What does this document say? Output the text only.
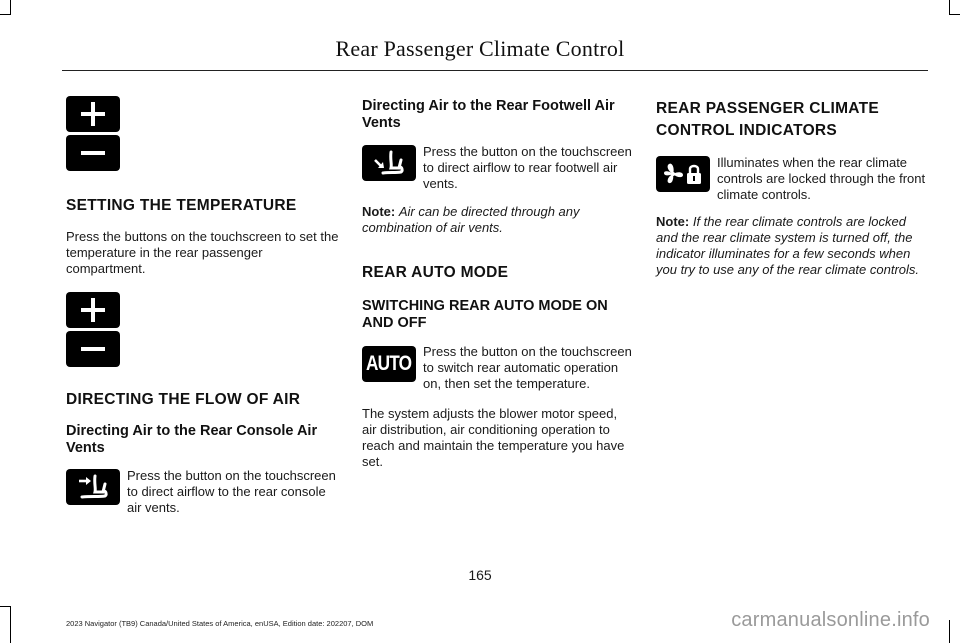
Rear Passenger Climate Control
SETTING THE TEMPERATURE

Press the buttons on the touchscreen to set the temperature in the rear passenger compartment.

DIRECTING THE FLOW OF AIR
Directing Air to the Rear Console Air Vents

Press the button on the touchscreen to direct airflow to the rear console air vents.

Directing Air to the Rear Footwell Air Vents

Press the button on the touchscreen to direct airflow to rear footwell air vents.

Note: Air can be directed through any combination of air vents.

REAR AUTO MODE
SWITCHING REAR AUTO MODE ON AND OFF
AUTO

Press the button on the touchscreen to switch rear automatic operation on, then set the temperature.

The system adjusts the blower motor speed, air distribution, air conditioning operation to reach and maintain the temperature you have set.

REAR PASSENGER CLIMATE
CONTROL INDICATORS

Illuminates when the rear climate controls are locked through the front climate controls.

Note: If the rear climate controls are locked and the rear climate system is turned off, the indicator illuminates for a few seconds when you try to use any of the rear climate controls.

165
2023 Navigator (TB9) Canada/United States of America, enUSA, Edition date: 202207, DOM	carmanualsonline.info
